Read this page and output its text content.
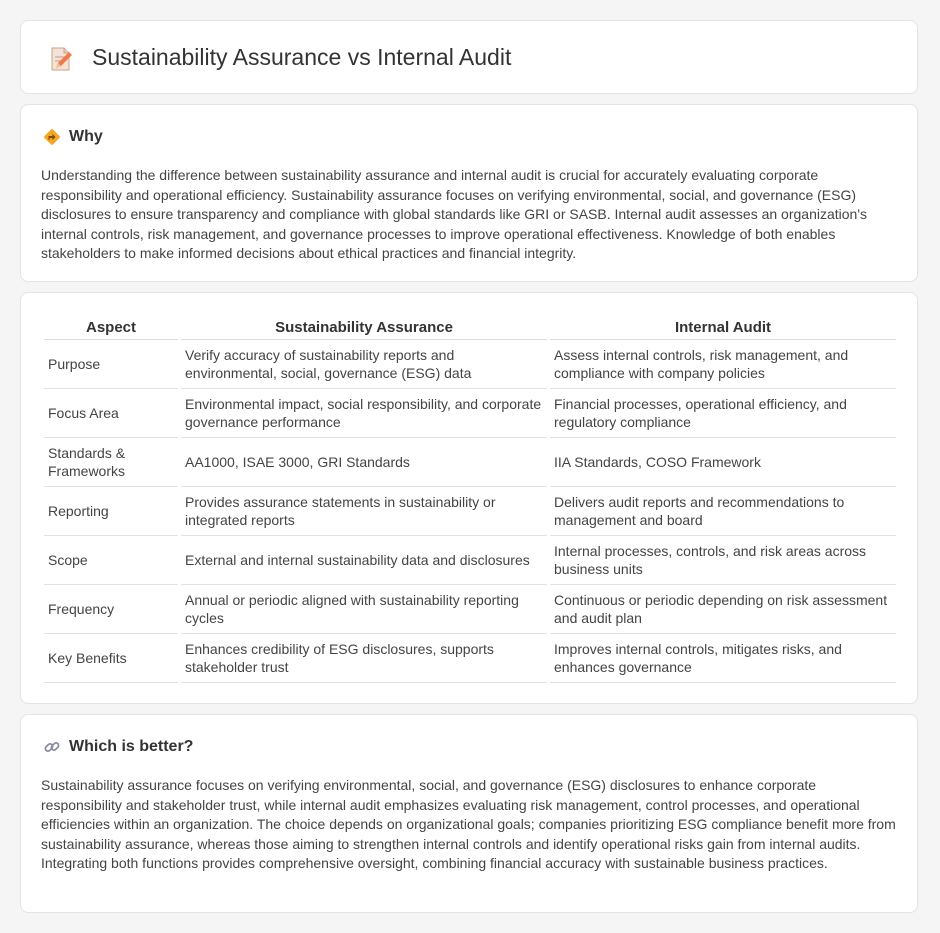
Sustainability Assurance vs Internal Audit
Why

Understanding the difference between sustainability assurance and internal audit is crucial for accurately evaluating corporate responsibility and operational efficiency. Sustainability assurance focuses on verifying environmental, social, and governance (ESG) disclosures to ensure transparency and compliance with global standards like GRI or SASB. Internal audit assesses an organization's internal controls, risk management, and governance processes to improve operational effectiveness. Knowledge of both enables stakeholders to make informed decisions about ethical practices and financial integrity.

Aspect	Sustainability Assurance	Internal Audit
Purpose	Verify accuracy of sustainability reports and environmental, social, governance (ESG) data	Assess internal controls, risk management, and compliance with company policies
Focus Area	Environmental impact, social responsibility, and corporate governance performance	Financial processes, operational efficiency, and regulatory compliance
Standards & Frameworks	AA1000, ISAE 3000, GRI Standards	IIA Standards, COSO Framework
Reporting	Provides assurance statements in sustainability or integrated reports	Delivers audit reports and recommendations to management and board
Scope	External and internal sustainability data and disclosures	Internal processes, controls, and risk areas across business units
Frequency	Annual or periodic aligned with sustainability reporting cycles	Continuous or periodic depending on risk assessment and audit plan
Key Benefits	Enhances credibility of ESG disclosures, supports stakeholder trust	Improves internal controls, mitigates risks, and enhances governance
Which is better?

Sustainability assurance focuses on verifying environmental, social, and governance (ESG) disclosures to enhance corporate responsibility and stakeholder trust, while internal audit emphasizes evaluating risk management, control processes, and operational efficiencies within an organization. The choice depends on organizational goals; companies prioritizing ESG compliance benefit more from sustainability assurance, whereas those aiming to strengthen internal controls and identify operational risks gain from internal audits. Integrating both functions provides comprehensive oversight, combining financial accuracy with sustainable business practices.
